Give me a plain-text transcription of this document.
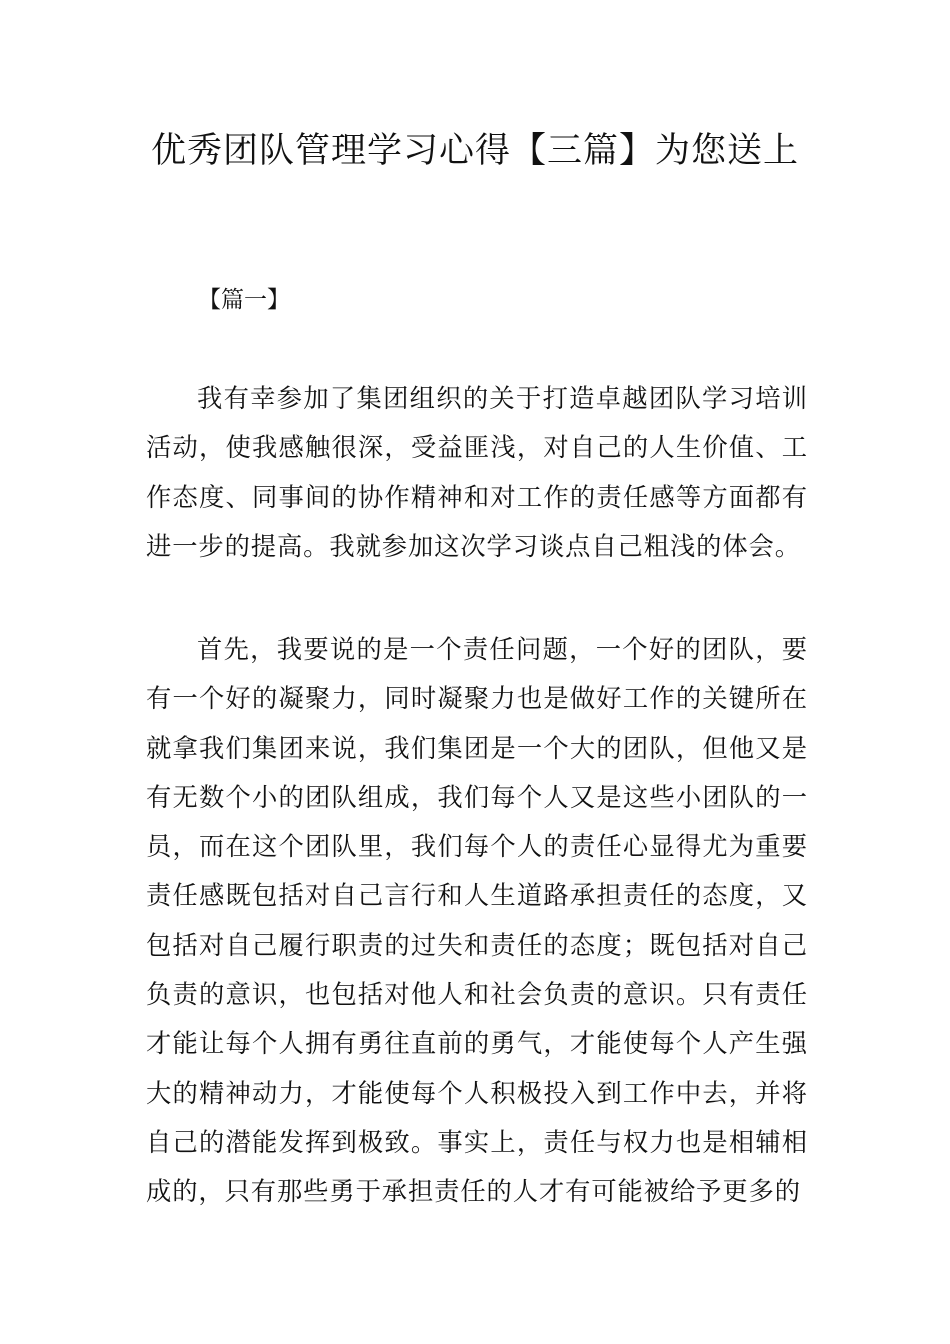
优秀团队管理学习心得【三篇】为您送上

【篇一】

我有幸参加了集团组织的关于打造卓越团队学习培训活动，使我感触很深，受益匪浅，对自己的人生价值、工作态度、同事间的协作精神和对工作的责任感等方面都有进一步的提高。我就参加这次学习谈点自己粗浅的体会。

首先，我要说的是一个责任问题，一个好的团队，要有一个好的凝聚力，同时凝聚力也是做好工作的关键所在就拿我们集团来说，我们集团是一个大的团队，但他又是有无数个小的团队组成，我们每个人又是这些小团队的一员，而在这个团队里，我们每个人的责任心显得尤为重要责任感既包括对自己言行和人生道路承担责任的态度，又包括对自己履行职责的过失和责任的态度；既包括对自己负责的意识，也包括对他人和社会负责的意识。只有责任才能让每个人拥有勇往直前的勇气，才能使每个人产生强大的精神动力，才能使每个人积极投入到工作中去，并将自己的潜能发挥到极致。事实上，责任与权力也是相辅相成的，只有那些勇于承担责任的人才有可能被给予更多的
